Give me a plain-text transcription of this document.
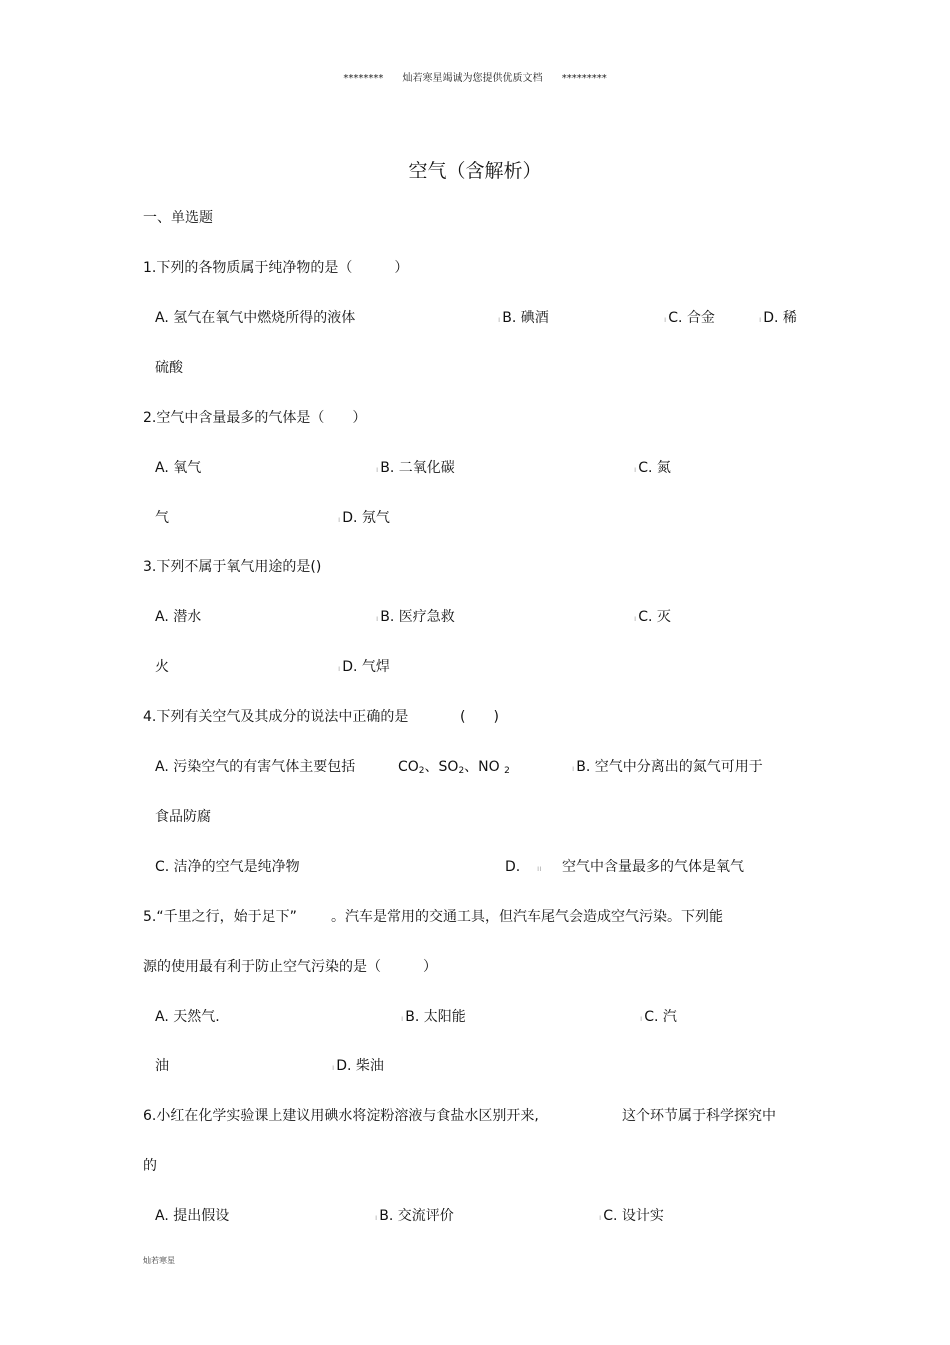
******** 灿若寒星竭诚为您提供优质文档 *********
空气（含解析）
一、单选题
1.下列的各物质属于纯净物的是（　　　）
A. 氢气在氧气中燃烧所得的液体	ı B. 碘酒	ı C. 合金	ı D. 稀
硫酸
2.空气中含量最多的气体是（　　）
A. 氧气	ı B. 二氧化碳	ı C. 氮
气	ı D. 氖气
3.下列不属于氧气用途的是()
A. 潜水	ı B. 医疗急救	ı C. 灭
火	ı D. 气焊
4.下列有关空气及其成分的说法中正确的是	(　　)
A. 污染空气的有害气体主要包括	$CO_2$、$SO_2$、NO $_2$	ı B. 空气中分离出的氮气可用于
食品防腐
C. 洁净的空气是纯净物	D. ıı 空气中含量最多的气体是氧气
5.“千里之行，始于足下” 。汽车是常用的交通工具，但汽车尾气会造成空气污染。下列能
源的使用最有利于防止空气污染的是（　　　）
A. 天然气.	ı B. 太阳能	ı C. 汽
油	ı D. 柴油
6.小红在化学实验课上建议用碘水将淀粉溶液与食盐水区别开来,	这个环节属于科学探究中
的
A. 提出假设	ı B. 交流评价	ı C. 设计实
灿若寒星
